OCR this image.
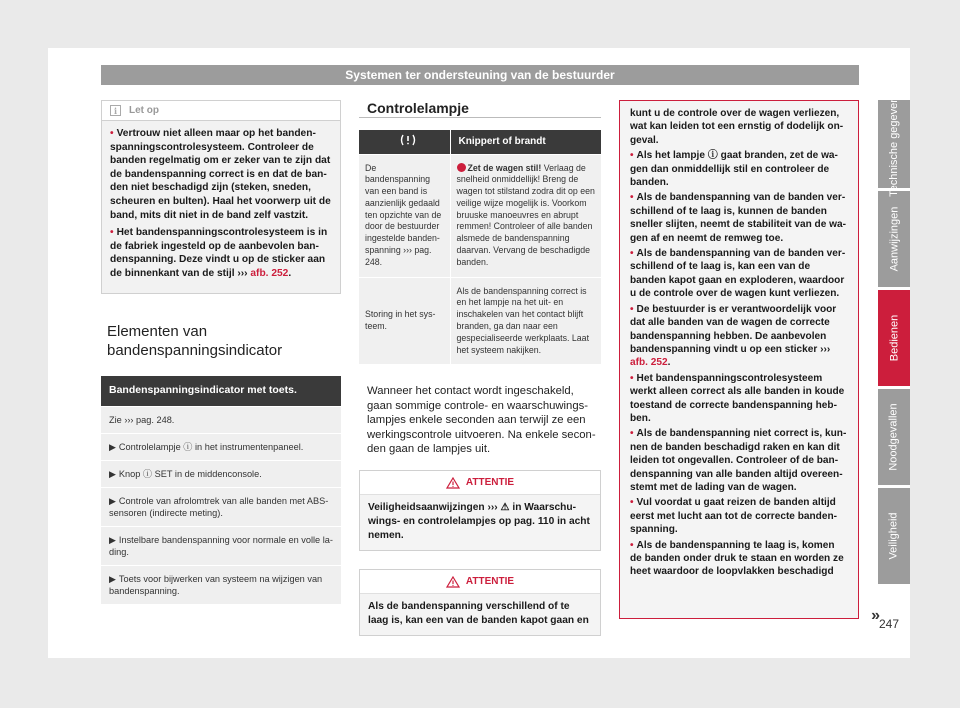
Systemen ter ondersteuning van de bestuurder
i	Let op

• Vertrouw niet alleen maar op het bandenspanningscontrolesysteem. Controleer de banden regelmatig om er zeker van te zijn dat de bandenspanning correct is en dat de banden niet beschadigd zijn (steken, sneden, scheuren en bulten). Haal het voorwerp uit de band, mits dit niet in de band zelf vastzit.

• Het bandenspanningscontrolesysteem is in de fabriek ingesteld op de aanbevolen bandenspanning. Deze vindt u op de sticker aan de binnenkant van de stijl ››› afb. 252.

Elementen van bandenspanningsindicator
Bandenspanningsindicator met toets.
Zie ››› pag. 248.
▶ Controlelampje ⓘ in het instrumentenpaneel.
▶ Knop ⓘ SET in de middenconsole.
▶ Controle van afrolomtrek van alle banden met ABS-sensoren (indirecte meting).
▶ Instelbare bandenspanning voor normale en volle lading.
▶ Toets voor bijwerken van systeem na wijzigen van bandenspanning.
Controlelampje
	Knippert of brandt
De bandenspanning van een band is aanzienlijk gedaald ten opzichte van de door de bestuurder ingestelde bandenspanning ››› pag. 248.	Zet de wagen stil! Verlaag de snelheid onmiddellijk! Breng de wagen tot stilstand zodra dit op een veilige wijze mogelijk is. Voorkom bruuske manoeuvres en abrupt remmen! Controleer of alle banden alsmede de bandenspanning daarvan. Vervang de beschadigde banden.
Storing in het systeem.	Als de bandenspanning correct is en het lampje na het uit- en inschakelen van het contact blijft branden, ga dan naar een gespecialiseerde werkplaats. Laat het systeem nakijken.
Wanneer het contact wordt ingeschakeld, gaan sommige controle- en waarschuwingslampjes enkele seconden aan terwijl ze een werkingscontrole uitvoeren. Na enkele seconden gaan de lampjes uit.
ATTENTIE
Veiligheidsaanwijzingen ››› ⚠ in Waarschuwings- en controlelampjes op pag. 110 in acht nemen.
ATTENTIE
Als de bandenspanning verschillend of te laag is, kan een van de banden kapot gaan en

kunt u de controle over de wagen verliezen, wat kan leiden tot een ernstig of dodelijk ongeval.

• Als het lampje ⓘ gaat branden, zet de wagen dan onmiddellijk stil en controleer de banden.

• Als de bandenspanning van de banden verschillend of te laag is, kunnen de banden sneller slijten, neemt de stabiliteit van de wagen af en neemt de remweg toe.

• Als de bandenspanning van de banden verschillend of te laag is, kan een van de banden kapot gaan en exploderen, waardoor u de controle over de wagen kunt verliezen.

• De bestuurder is er verantwoordelijk voor dat alle banden van de wagen de correcte bandenspanning hebben. De aanbevolen bandenspanning vindt u op een sticker ››› afb. 252.

• Het bandenspanningscontrolesysteem werkt alleen correct als alle banden in koude toestand de correcte bandenspanning hebben.

• Als de bandenspanning niet correct is, kunnen de banden beschadigd raken en kan dit leiden tot ongevallen. Controleer of de bandenspanning van alle banden altijd overeenstemt met de lading van de wagen.

• Vul voordat u gaat reizen de banden altijd eerst met lucht aan tot de correcte bandenspanning.

• Als de bandenspanning te laag is, komen de banden onder druk te staan en worden ze heet waardoor de loopvlakken beschadigd

»
247
Technische gegevens
Aanwijzingen
Bedienen
Noodgevallen
Veiligheid
